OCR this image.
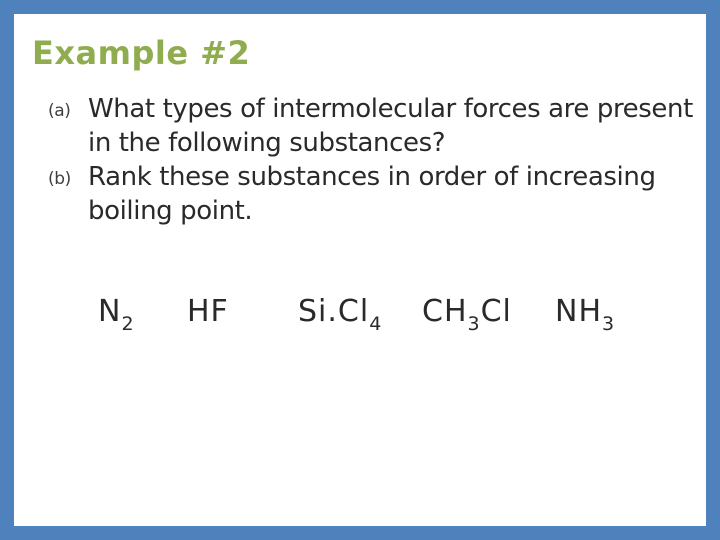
Example #2
(a) What types of intermolecular forces are present in the following substances?
(b) Rank these substances in order of increasing boiling point.
$N_2$ HF $Si.Cl_4$ $CH_3Cl$ $NH_3$
